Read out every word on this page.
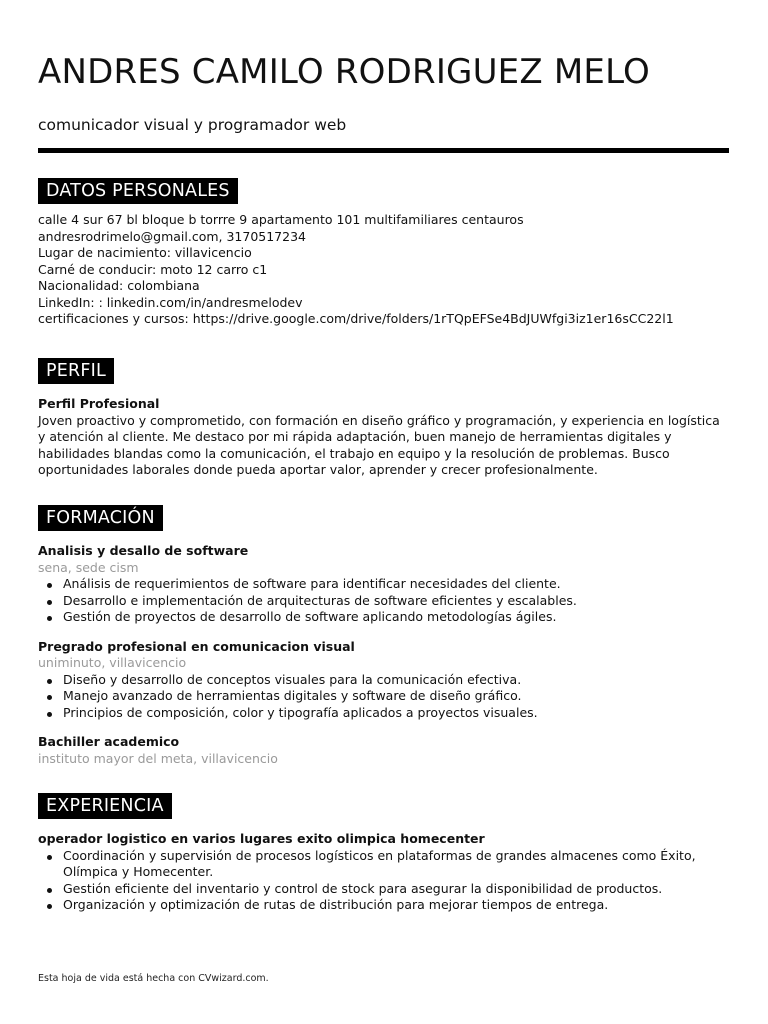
ANDRES CAMILO RODRIGUEZ MELO

comunicador visual y programador web

DATOS PERSONALES
calle 4 sur 67 bl bloque b torrre 9 apartamento 101 multifamiliares centauros
andresrodrimelo@gmail.com, 3170517234
Lugar de nacimiento: villavicencio
Carné de conducir: moto 12 carro c1
Nacionalidad: colombiana
LinkedIn: : linkedin.com/in/andresmelodev
certificaciones y cursos: https://drive.google.com/drive/folders/1rTQpEFSe4BdJUWfgi3iz1er16sCC22l1
PERFIL
Perfil Profesional
Joven proactivo y comprometido, con formación en diseño gráfico y programación, y experiencia en logística y atención al cliente. Me destaco por mi rápida adaptación, buen manejo de herramientas digitales y habilidades blandas como la comunicación, el trabajo en equipo y la resolución de problemas. Busco oportunidades laborales donde pueda aportar valor, aprender y crecer profesionalmente.
FORMACIÓN
Analisis y desallo de software
sena, sede cism
Análisis de requerimientos de software para identificar necesidades del cliente.
Desarrollo e implementación de arquitecturas de software eficientes y escalables.
Gestión de proyectos de desarrollo de software aplicando metodologías ágiles.
Pregrado profesional en comunicacion visual
uniminuto, villavicencio
Diseño y desarrollo de conceptos visuales para la comunicación efectiva.
Manejo avanzado de herramientas digitales y software de diseño gráfico.
Principios de composición, color y tipografía aplicados a proyectos visuales.
Bachiller academico
instituto mayor del meta, villavicencio
EXPERIENCIA
operador logistico en varios lugares exito olimpica homecenter
Coordinación y supervisión de procesos logísticos en plataformas de grandes almacenes como Éxito, Olímpica y Homecenter.
Gestión eficiente del inventario y control de stock para asegurar la disponibilidad de productos.
Organización y optimización de rutas de distribución para mejorar tiempos de entrega.
Esta hoja de vida está hecha con CVwizard.com.
